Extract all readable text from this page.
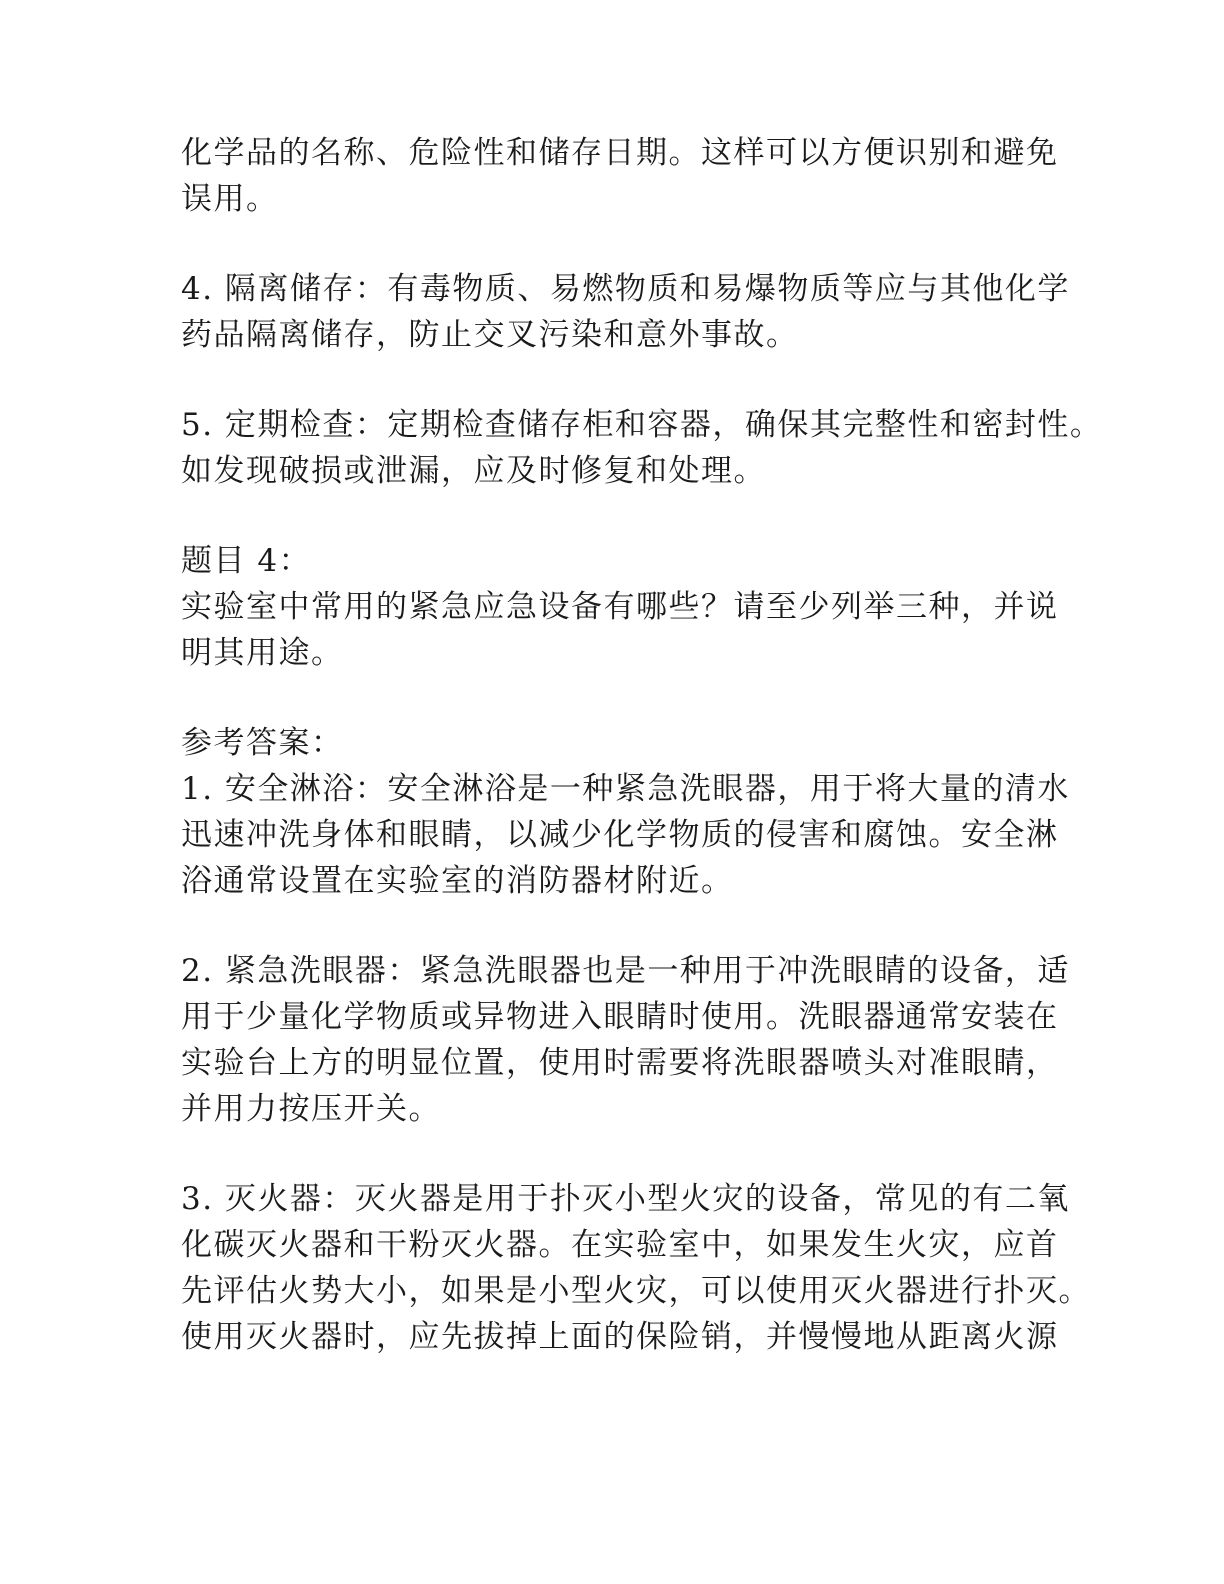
化学品的名称、危险性和储存日期。这样可以方便识别和避免
误用。
4. 隔离储存：有毒物质、易燃物质和易爆物质等应与其他化学
药品隔离储存，防止交叉污染和意外事故。
5. 定期检查：定期检查储存柜和容器，确保其完整性和密封性。
如发现破损或泄漏，应及时修复和处理。
题目 4：
实验室中常用的紧急应急设备有哪些？请至少列举三种，并说
明其用途。
参考答案：
1. 安全淋浴：安全淋浴是一种紧急洗眼器，用于将大量的清水
迅速冲洗身体和眼睛，以减少化学物质的侵害和腐蚀。安全淋
浴通常设置在实验室的消防器材附近。
2. 紧急洗眼器：紧急洗眼器也是一种用于冲洗眼睛的设备，适
用于少量化学物质或异物进入眼睛时使用。洗眼器通常安装在
实验台上方的明显位置，使用时需要将洗眼器喷头对准眼睛，
并用力按压开关。
3. 灭火器：灭火器是用于扑灭小型火灾的设备，常见的有二氧
化碳灭火器和干粉灭火器。在实验室中，如果发生火灾，应首
先评估火势大小，如果是小型火灾，可以使用灭火器进行扑灭。
使用灭火器时，应先拔掉上面的保险销，并慢慢地从距离火源
